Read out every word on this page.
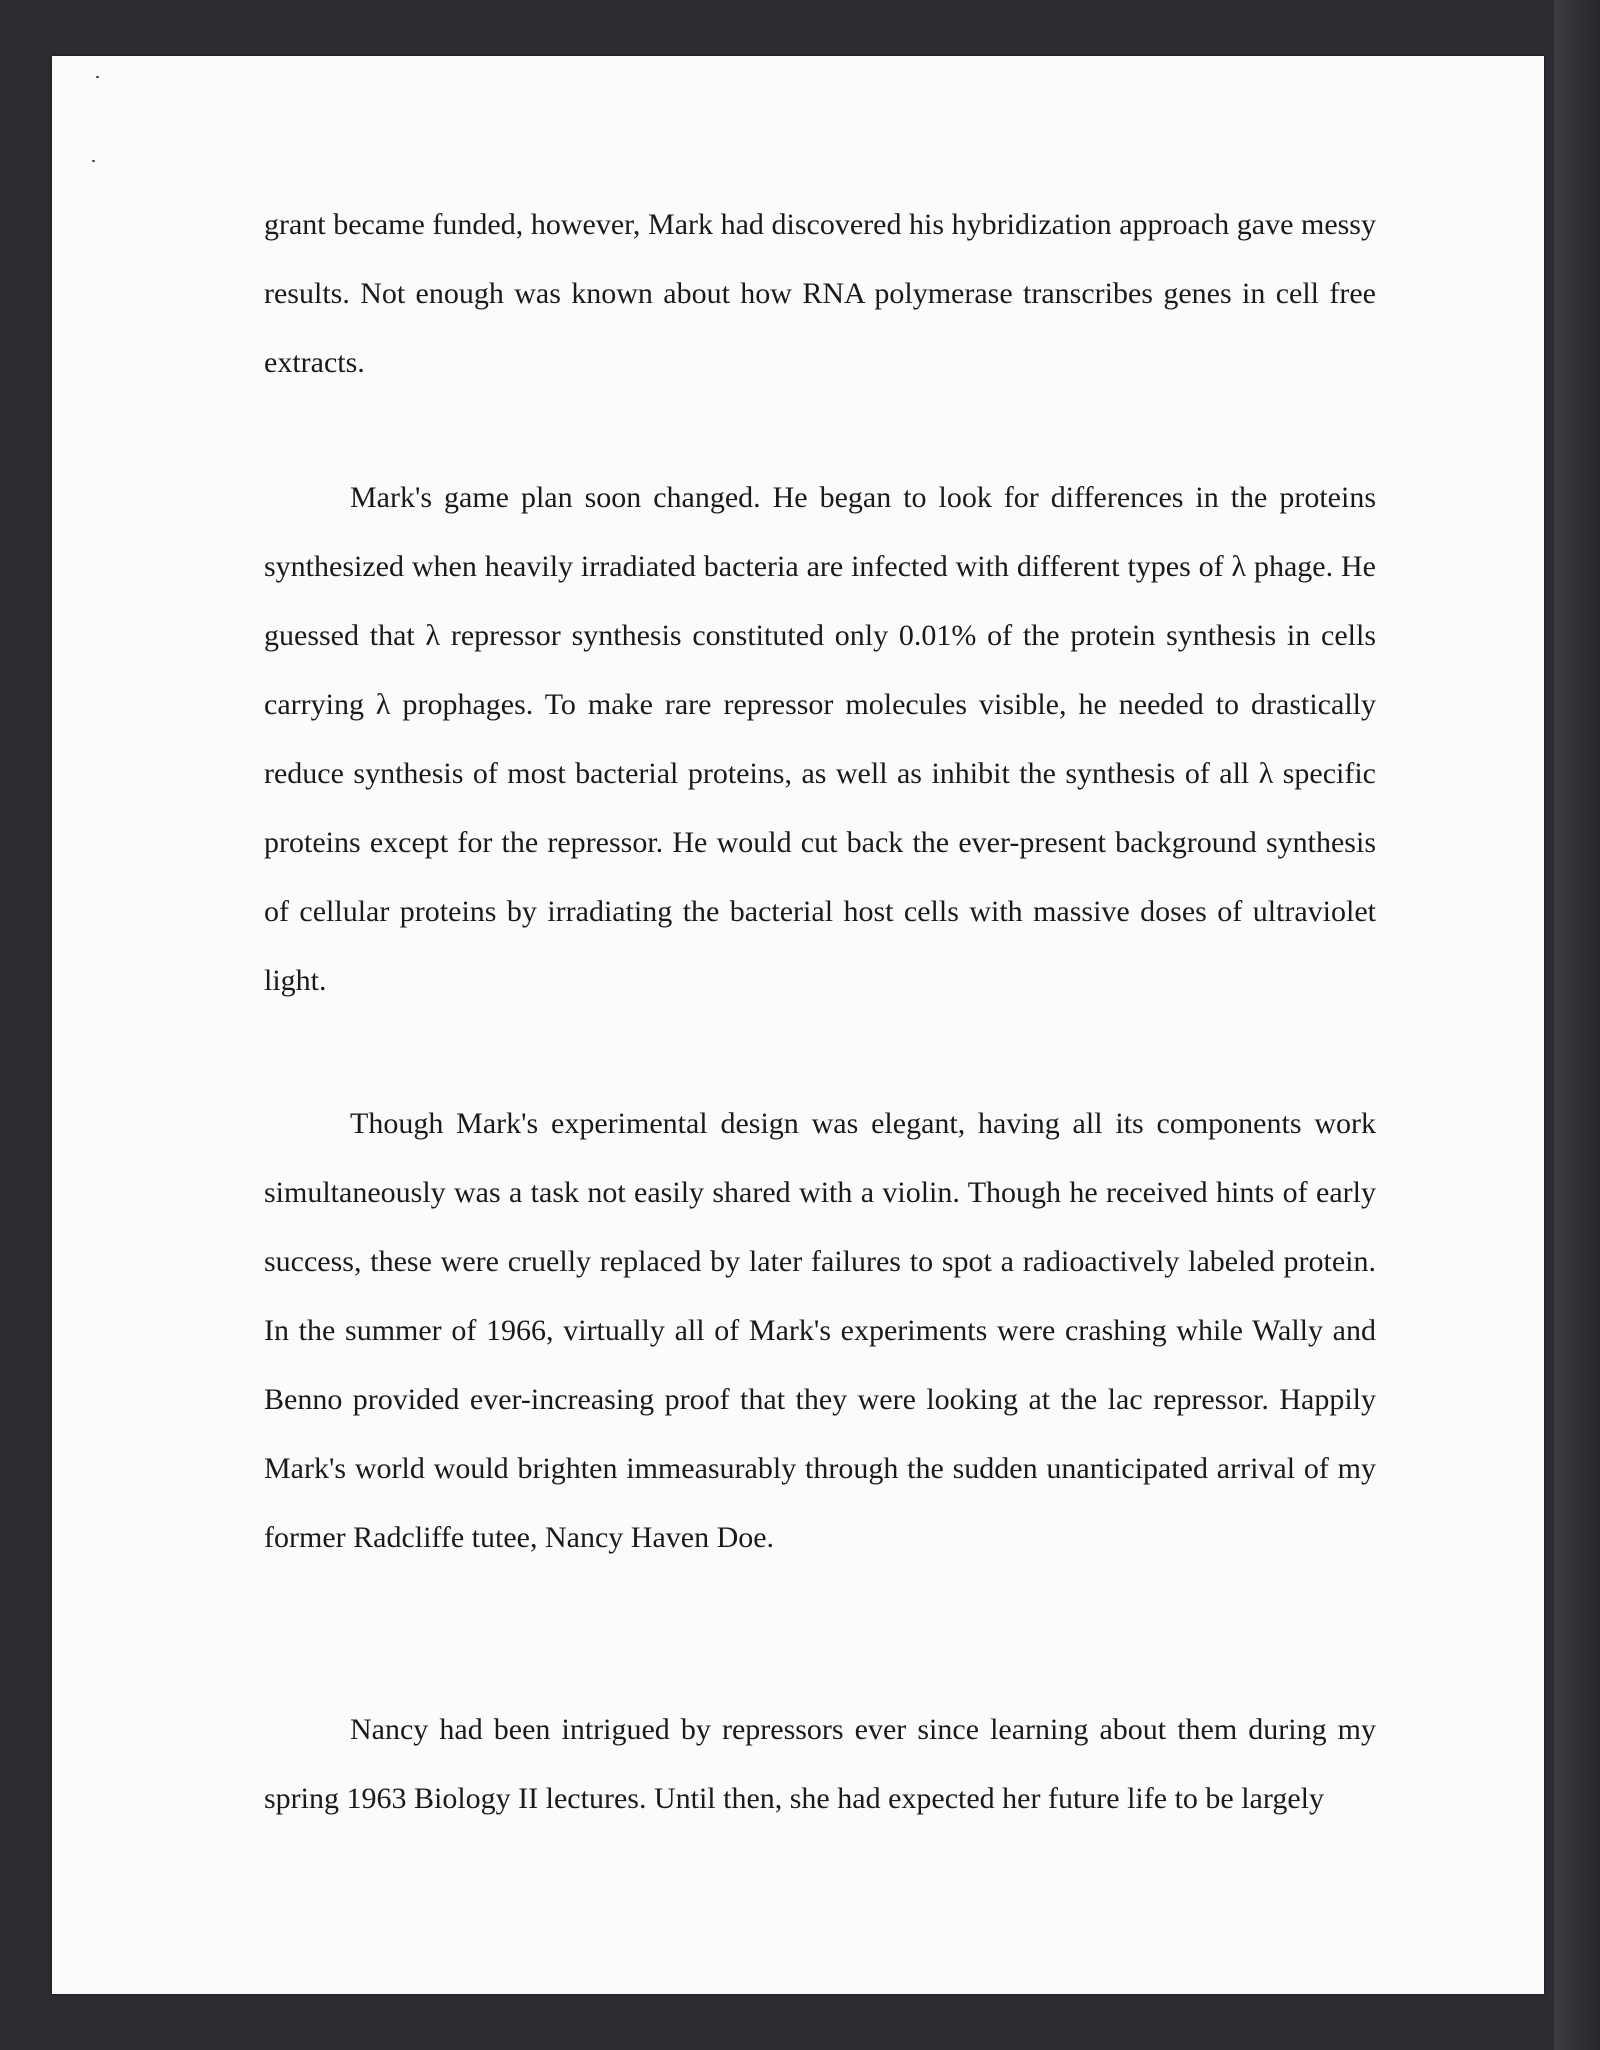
grant became funded, however, Mark had discovered his hybridization approach gave messy results. Not enough was known about how RNA polymerase transcribes genes in cell free extracts.

Mark's game plan soon changed. He began to look for differences in the proteins synthesized when heavily irradiated bacteria are infected with different types of λ phage. He guessed that λ repressor synthesis constituted only 0.01% of the protein synthesis in cells carrying λ prophages. To make rare repressor molecules visible, he needed to drastically reduce synthesis of most bacterial proteins, as well as inhibit the synthesis of all λ specific proteins except for the repressor. He would cut back the ever-present background synthesis of cellular proteins by irradiating the bacterial host cells with massive doses of ultraviolet light.

Though Mark's experimental design was elegant, having all its components work simultaneously was a task not easily shared with a violin. Though he received hints of early success, these were cruelly replaced by later failures to spot a radioactively labeled protein. In the summer of 1966, virtually all of Mark's experiments were crashing while Wally and Benno provided ever-increasing proof that they were looking at the lac repressor. Happily Mark's world would brighten immeasurably through the sudden unanticipated arrival of my former Radcliffe tutee, Nancy Haven Doe.

Nancy had been intrigued by repressors ever since learning about them during my spring 1963 Biology II lectures. Until then, she had expected her future life to be largely
